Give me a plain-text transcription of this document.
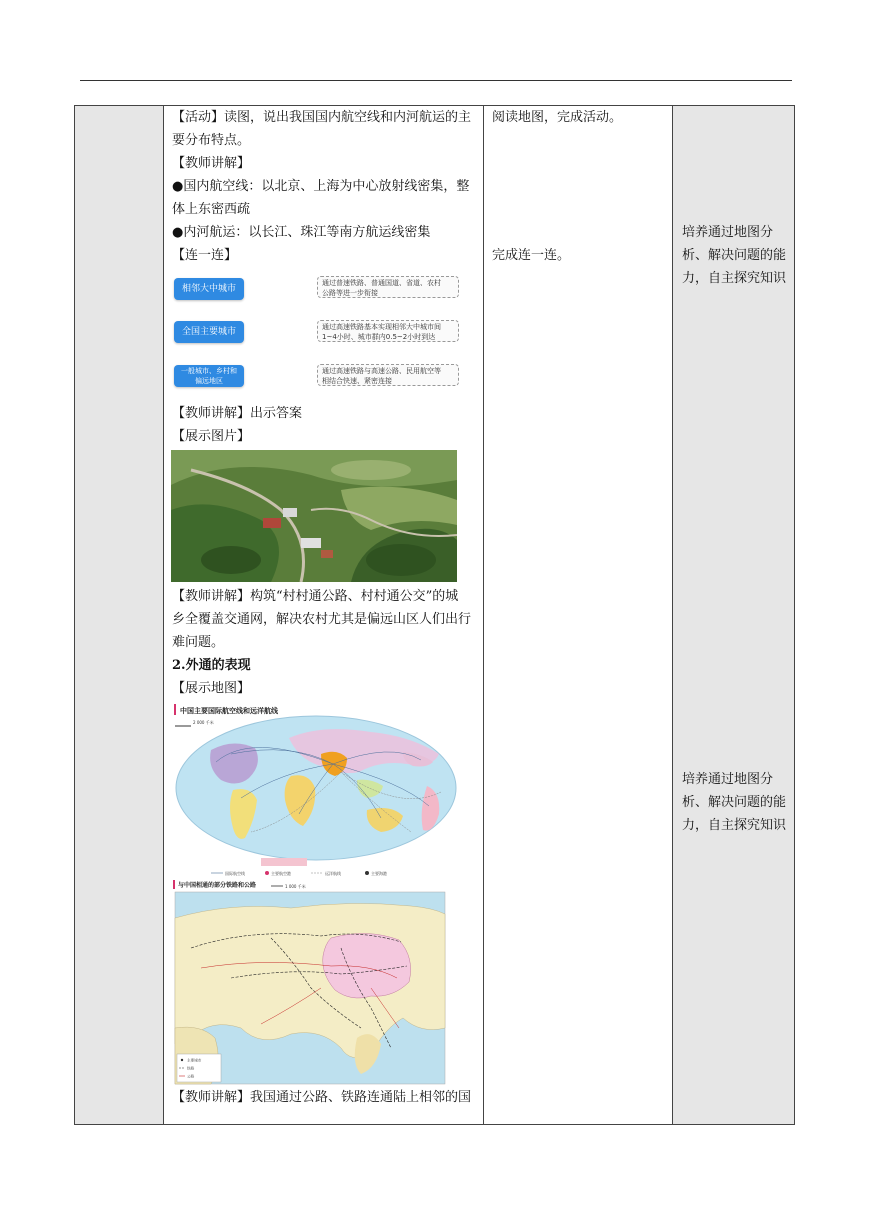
【活动】读图，说出我国国内航空线和内河航运的主
要分布特点。
【教师讲解】
●国内航空线：以北京、上海为中心放射线密集，整
体上东密西疏
●内河航运：以长江、珠江等南方航运线密集
【连一连】
相邻大中城市
全国主要城市
一般城市、乡村和
偏远地区
通过普速铁路、普通国道、省道、农村
公路等进一步衔接
通过高速铁路基本实现相邻大中城市间
1~4小时、城市群内0.5~2小时到达
通过高速铁路与高速公路、民用航空等
相结合快速、紧密连接
【教师讲解】出示答案
【展示图片】
【教师讲解】构筑“村村通公路、村村通公交”的城
乡全覆盖交通网，解决农村尤其是偏远山区人们出行
难问题。
2.外通的表现
【展示地图】
中国主要国际航空线和远洋航线
2 000 千米
国际航空线	主要航空港	远洋航线	主要海港
与中国相通的部分铁路和公路	1 000 千米
主要城市
铁路
公路
【教师讲解】我国通过公路、铁路连通陆上相邻的国
阅读地图，完成活动。
完成连一连。
培养通过地图分
析、解决问题的能
力，自主探究知识
培养通过地图分
析、解决问题的能
力，自主探究知识
